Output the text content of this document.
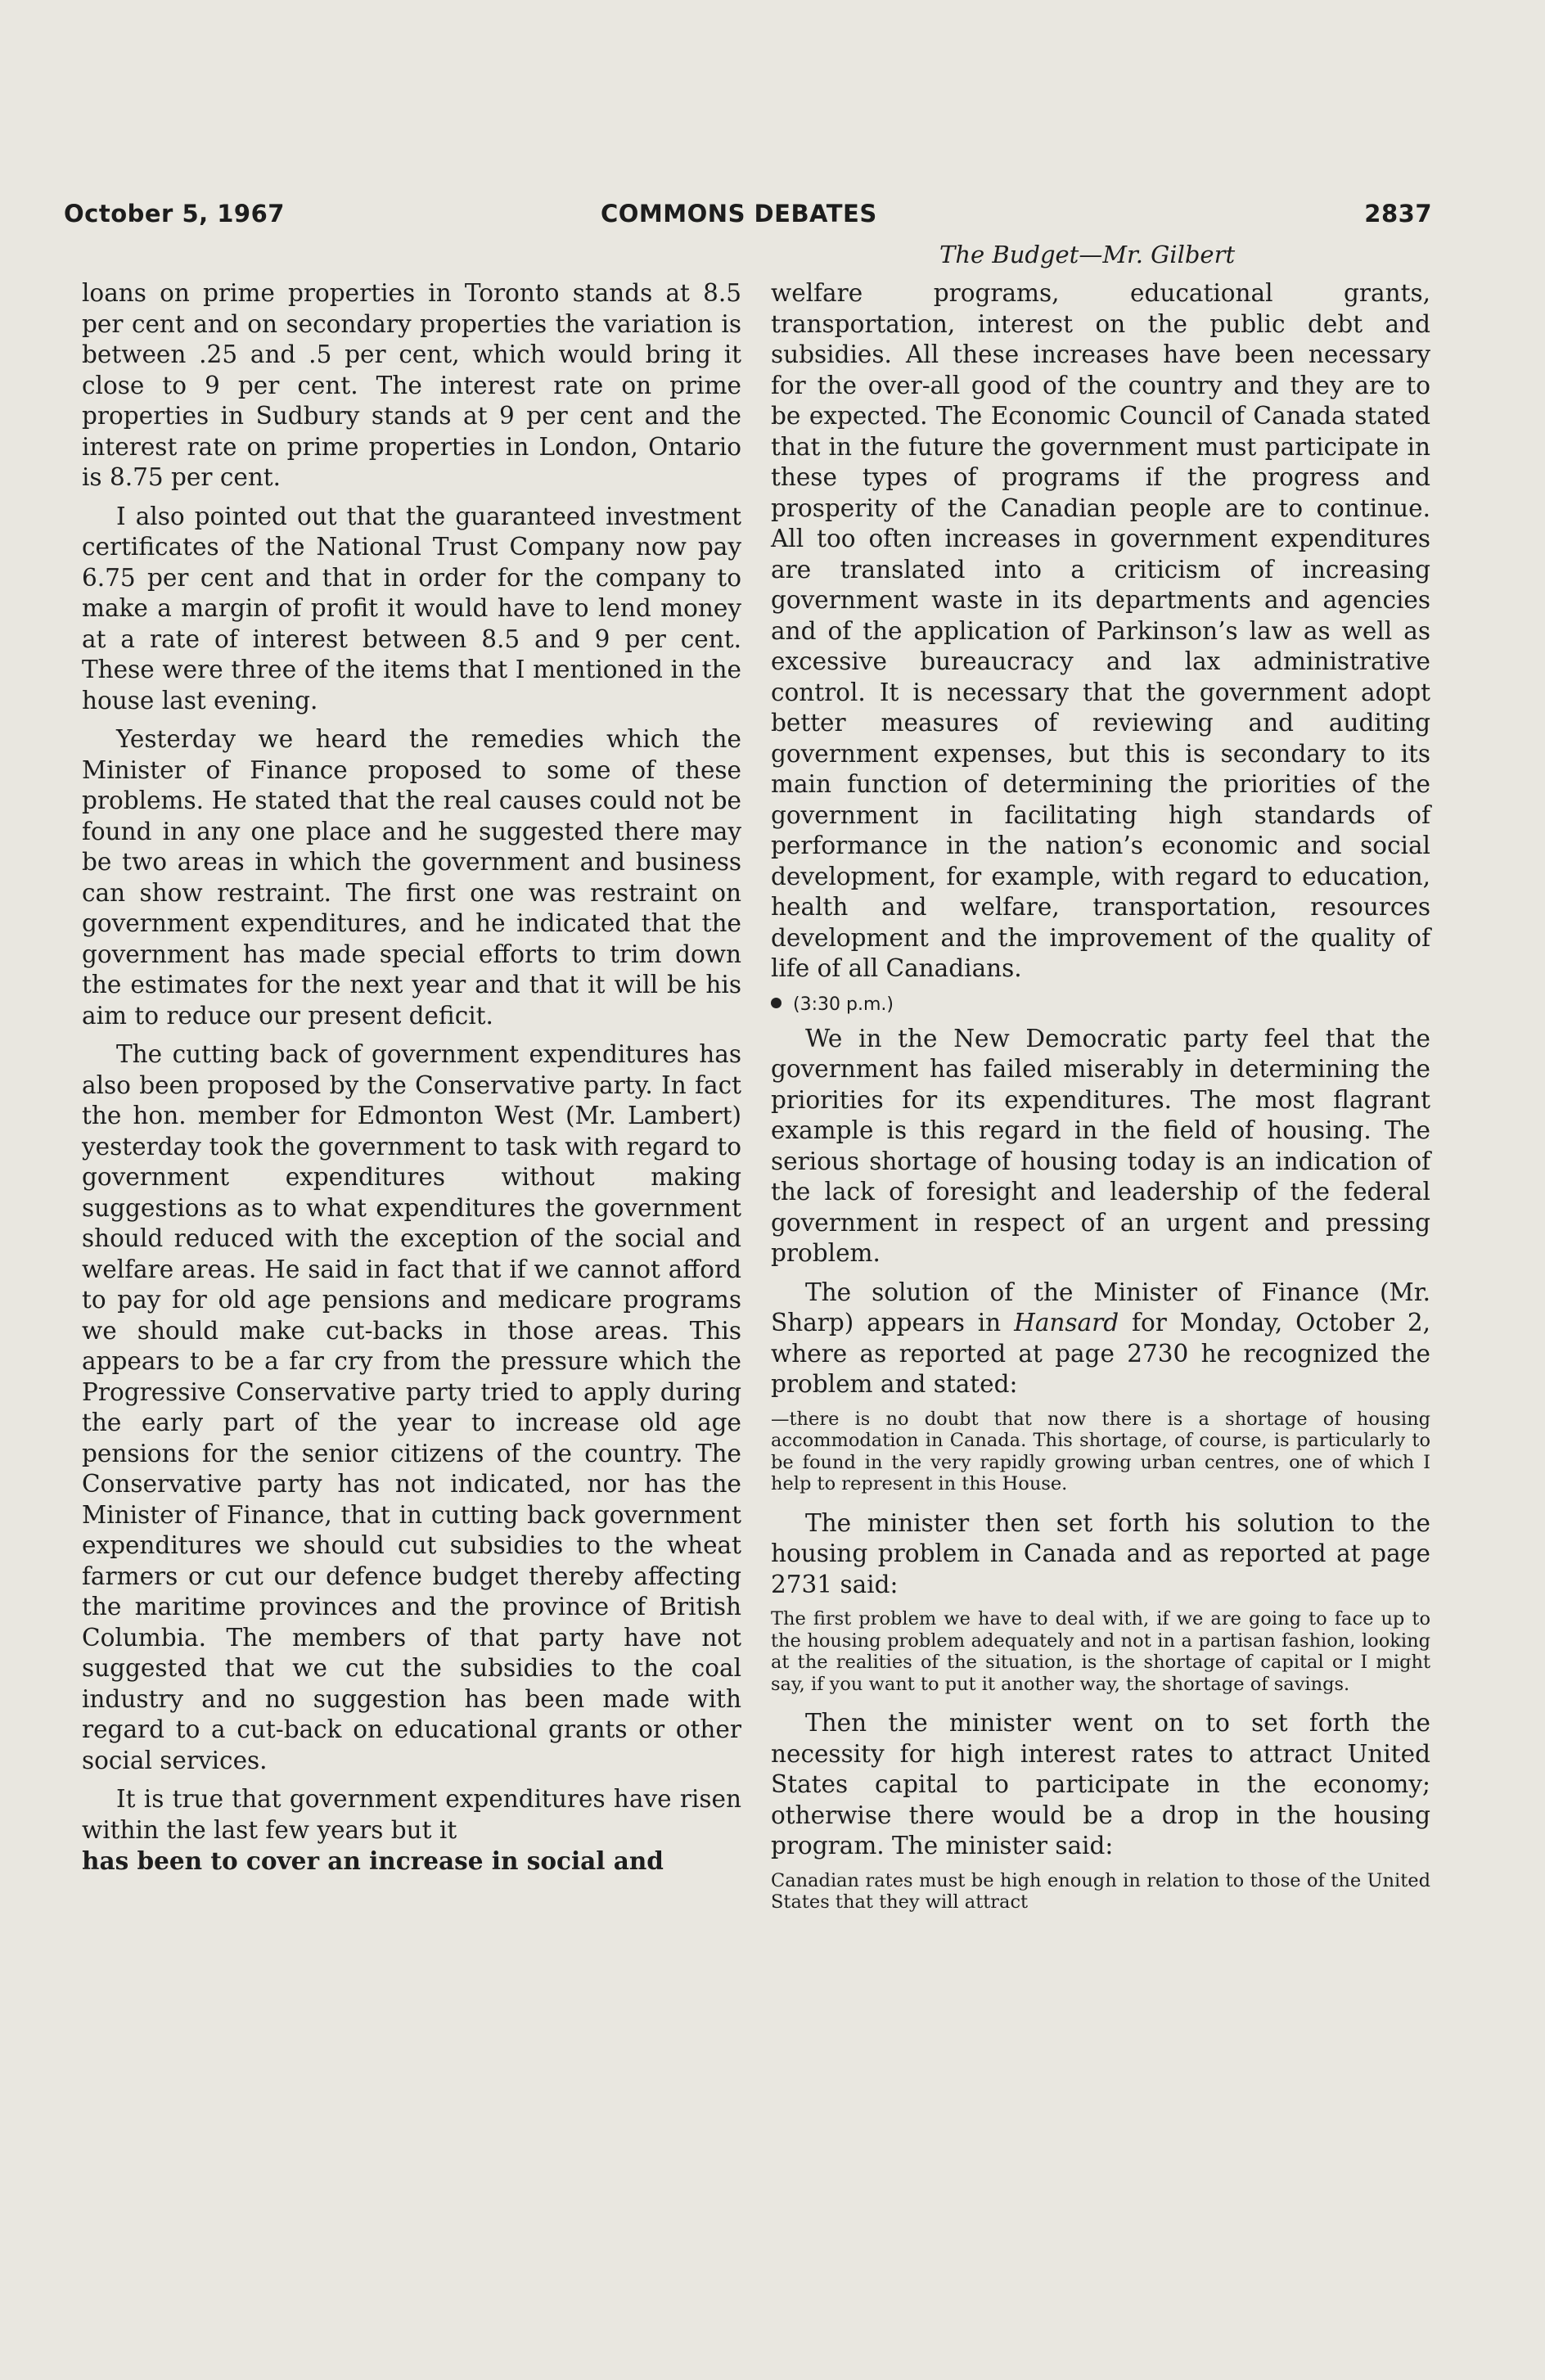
October 5, 1967	COMMONS DEBATES	2837
The Budget—Mr. Gilbert

loans on prime properties in Toronto stands at 8.5 per cent and on secondary properties the variation is between .25 and .5 per cent, which would bring it close to 9 per cent. The interest rate on prime properties in Sudbury stands at 9 per cent and the interest rate on prime properties in London, Ontario is 8.75 per cent.

I also pointed out that the guaranteed investment certificates of the National Trust Company now pay 6.75 per cent and that in order for the company to make a margin of profit it would have to lend money at a rate of interest between 8.5 and 9 per cent. These were three of the items that I mentioned in the house last evening.

Yesterday we heard the remedies which the Minister of Finance proposed to some of these problems. He stated that the real causes could not be found in any one place and he suggested there may be two areas in which the government and business can show restraint. The first one was restraint on government expenditures, and he indicated that the government has made special efforts to trim down the estimates for the next year and that it will be his aim to reduce our present deficit.

The cutting back of government expenditures has also been proposed by the Conservative party. In fact the hon. member for Edmonton West (Mr. Lambert) yesterday took the government to task with regard to government expenditures without making suggestions as to what expenditures the government should reduced with the exception of the social and welfare areas. He said in fact that if we cannot afford to pay for old age pensions and medicare programs we should make cut-backs in those areas. This appears to be a far cry from the pressure which the Progressive Conservative party tried to apply during the early part of the year to increase old age pensions for the senior citizens of the country. The Conservative party has not indicated, nor has the Minister of Finance, that in cutting back government expenditures we should cut subsidies to the wheat farmers or cut our defence budget thereby affecting the maritime provinces and the province of British Columbia. The members of that party have not suggested that we cut the subsidies to the coal industry and no suggestion has been made with regard to a cut-back on educational grants or other social services.

It is true that government expenditures have risen within the last few years but it

has been to cover an increase in social and

welfare programs, educational grants, transportation, interest on the public debt and subsidies. All these increases have been necessary for the over-all good of the country and they are to be expected. The Economic Council of Canada stated that in the future the government must participate in these types of programs if the progress and prosperity of the Canadian people are to continue. All too often increases in government expenditures are translated into a criticism of increasing government waste in its departments and agencies and of the application of Parkinson’s law as well as excessive bureaucracy and lax administrative control. It is necessary that the government adopt better measures of reviewing and auditing government expenses, but this is secondary to its main function of determining the priorities of the government in facilitating high standards of performance in the nation’s economic and social development, for example, with regard to education, health and welfare, transportation, resources development and the improvement of the quality of life of all Canadians.

(3:30 p.m.)

We in the New Democratic party feel that the government has failed miserably in determining the priorities for its expenditures. The most flagrant example is this regard in the field of housing. The serious shortage of housing today is an indication of the lack of foresight and leadership of the federal government in respect of an urgent and pressing problem.

The solution of the Minister of Finance (Mr. Sharp) appears in Hansard for Monday, October 2, where as reported at page 2730 he recognized the problem and stated:

—there is no doubt that now there is a shortage of housing accommodation in Canada. This shortage, of course, is particularly to be found in the very rapidly growing urban centres, one of which I help to represent in this House.

The minister then set forth his solution to the housing problem in Canada and as reported at page 2731 said:

The first problem we have to deal with, if we are going to face up to the housing problem adequately and not in a partisan fashion, looking at the realities of the situation, is the shortage of capital or I might say, if you want to put it another way, the shortage of savings.

Then the minister went on to set forth the necessity for high interest rates to attract United States capital to participate in the economy; otherwise there would be a drop in the housing program. The minister said:

Canadian rates must be high enough in relation to those of the United States that they will attract
